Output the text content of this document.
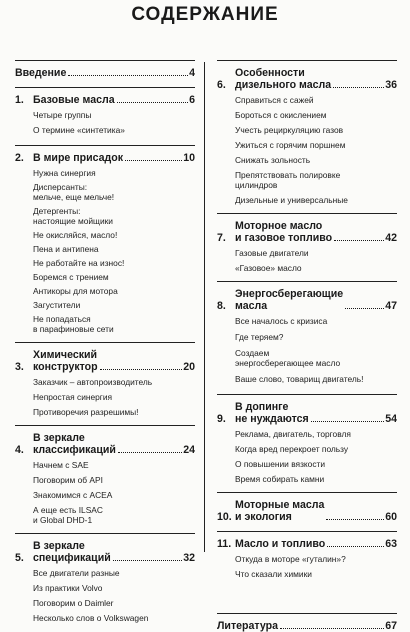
СОДЕРЖАНИЕ
Введение	4
1. Базовые масла	6
Четыре группы
О термине «синтетика»
2. В мире присадок	10
Нужна синергия
Дисперсанты:
мельче, еще мельче!
Детергенты:
настоящие мойщики
Не окисляйся, масло!
Пена и антипена
Не работайте на износ!
Боремся с трением
Антикоры для мотора
Загустители
Не попадаться
в парафиновые сети
3.
Химический
конструктор	20
Заказчик – автопроизводитель
Непростая синергия
Противоречия разрешимы!
4.
В зеркале
классификаций	24
Начнем с SAE
Поговорим об API
Знакомимся с ACEA
А еще есть ILSAC
и Global DHD-1
5.
В зеркале
спецификаций	32
Все двигатели разные
Из практики Volvo
Поговорим о Daimler
Несколько слов о Volkswagen
6.
Особенности
дизельного масла	36
Справиться с сажей
Бороться с окислением
Учесть рециркуляцию газов
Ужиться с горячим поршнем
Снижать зольность
Препятствовать полировке
цилиндров
Дизельные и универсальные
7.
Моторное масло
и газовое топливо	42
Газовые двигатели
«Газовое» масло
8.
Энергосберегающие
масла	47
Все началось с кризиса
Где теряем?
Создаем
энергосберегающее масло
Ваше слово, товарищ двигатель!
9.
В допинге
не нуждаются	54
Реклама, двигатель, торговля
Когда вред перекроет пользу
О повышении вязкости
Время собирать камни
10.
Моторные масла
и экология	60
11. Масло и топливо	63
Откуда в моторе «гуталин»?
Что сказали химики
Литература	67
